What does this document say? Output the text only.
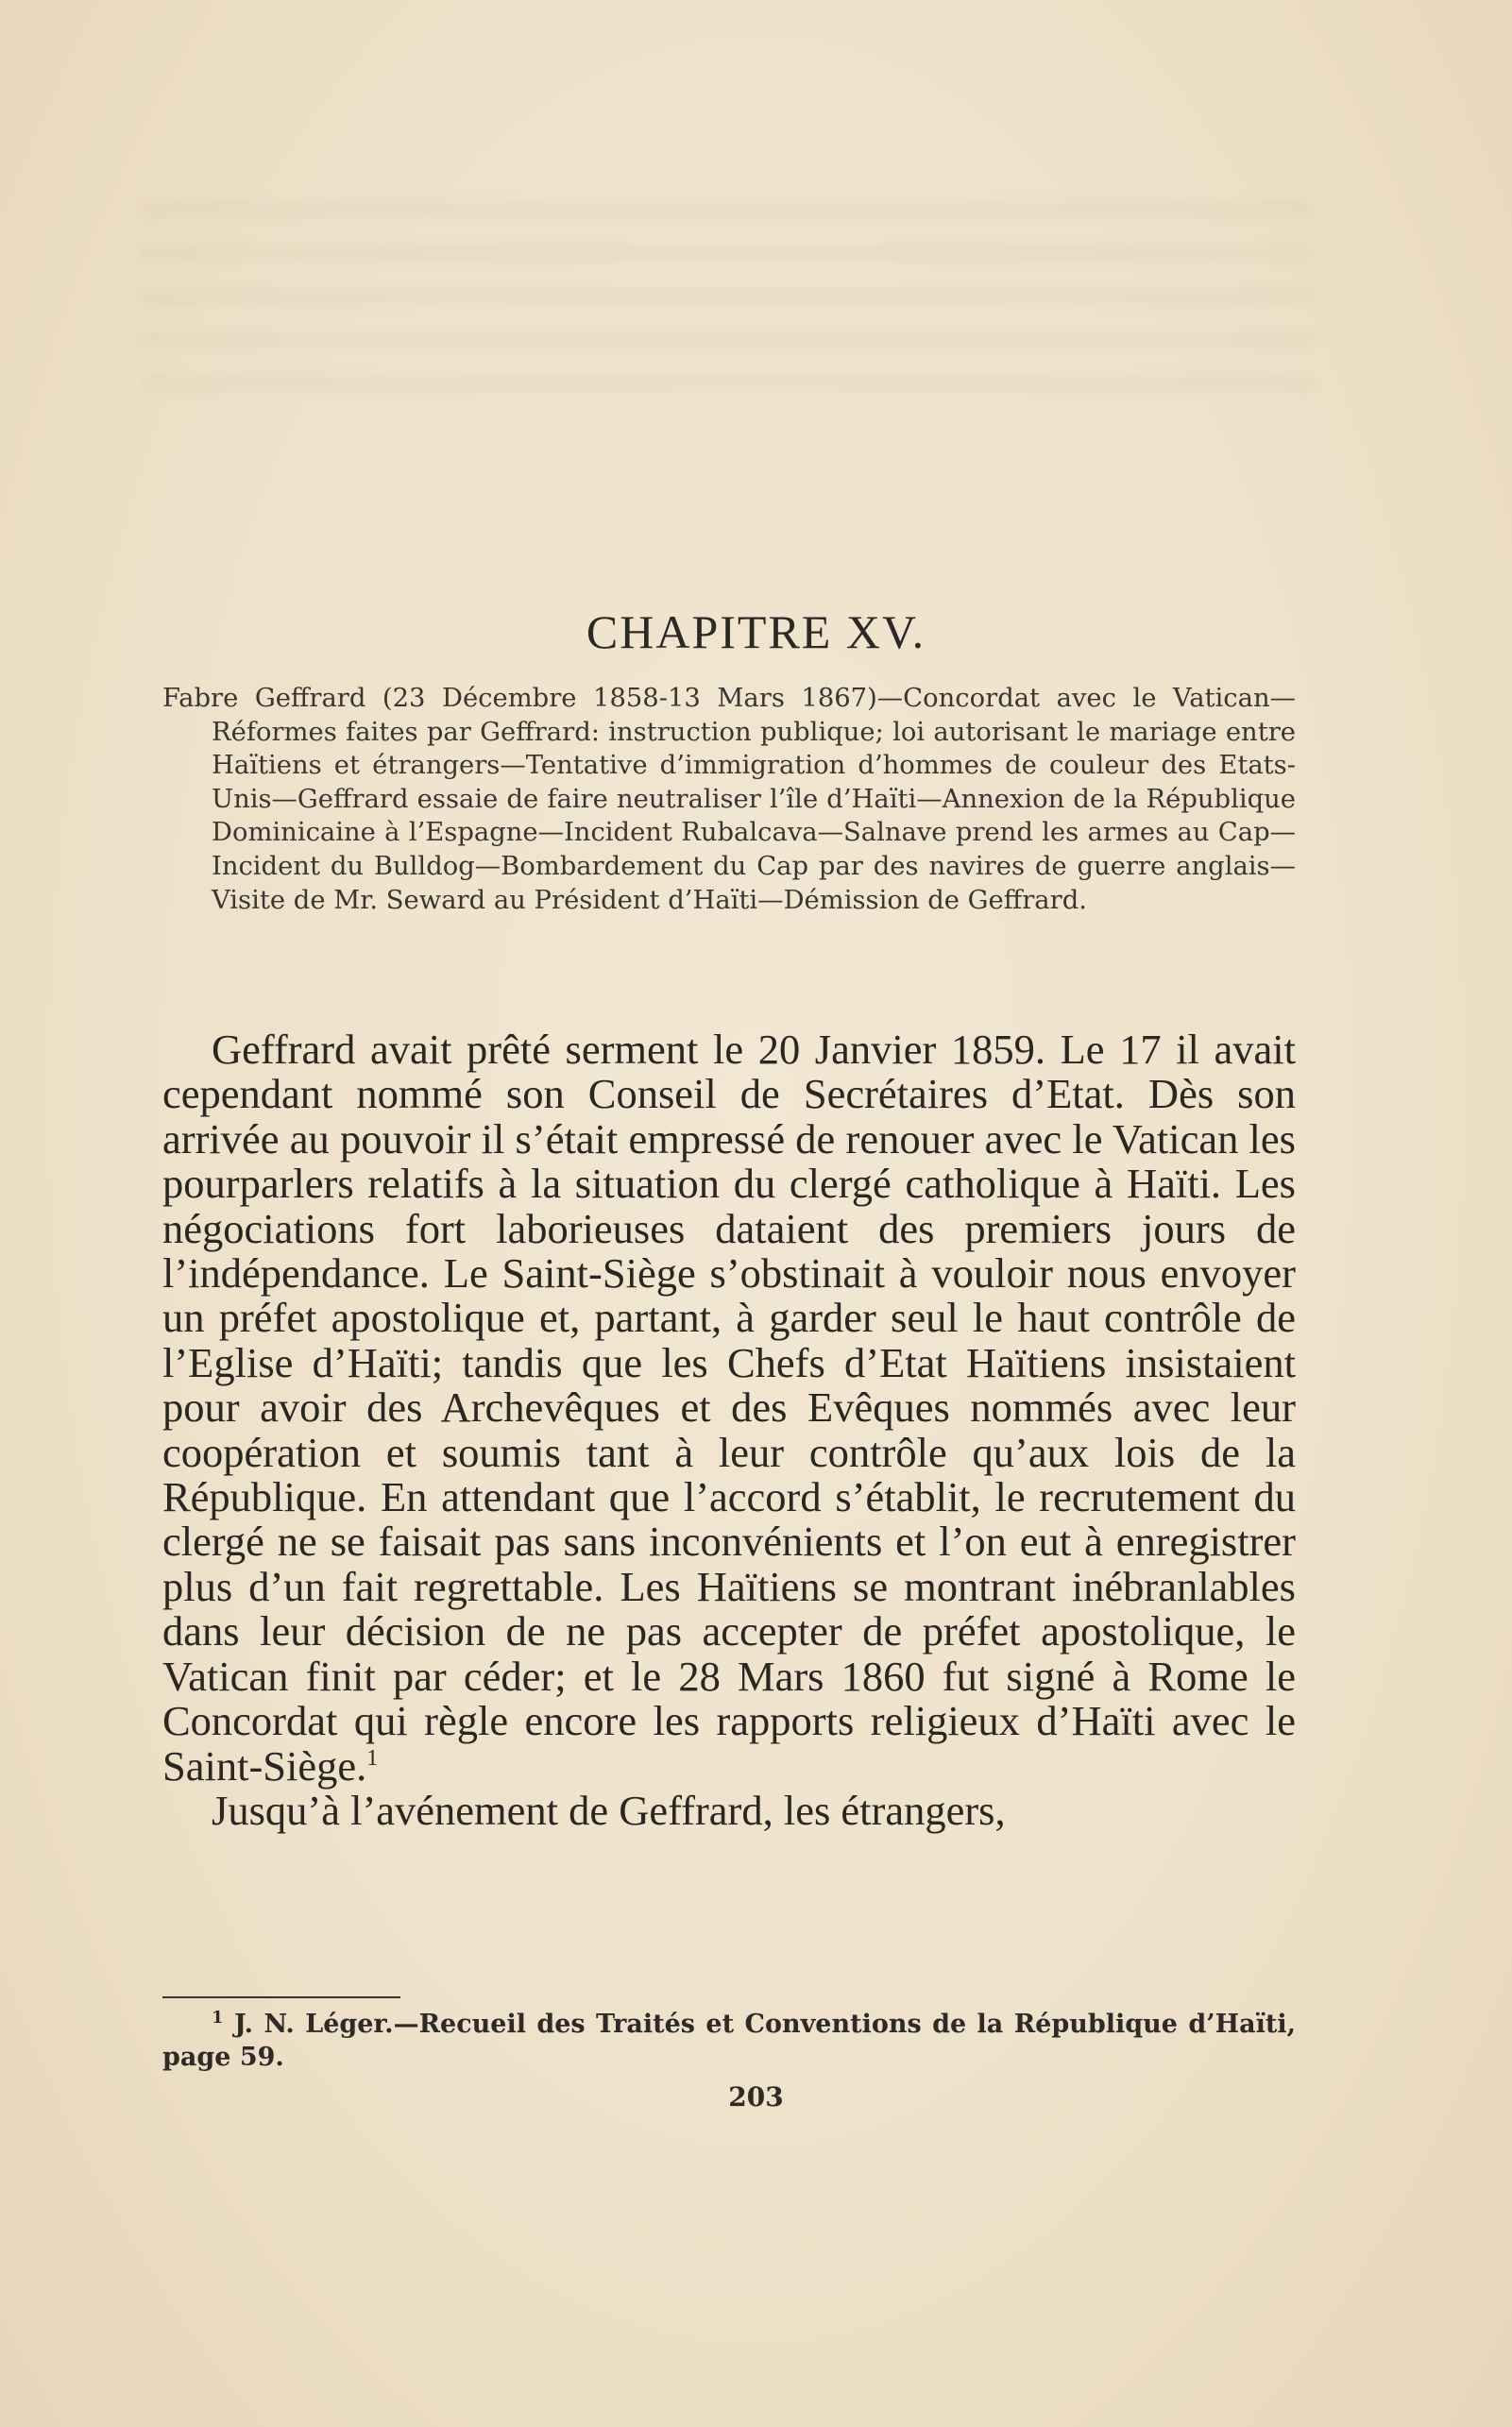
CHAPITRE XV.
Fabre Geffrard (23 Décembre 1858-13 Mars 1867)—Concordat avec le Vatican—Réformes faites par Geffrard: instruction publique; loi autorisant le mariage entre Haïtiens et étrangers—Tentative d’immigration d’hommes de couleur des Etats-Unis—Geffrard essaie de faire neutraliser l’île d’Haïti—Annexion de la République Dominicaine à l’Espagne—Incident Rubalcava—Salnave prend les armes au Cap—Incident du Bulldog—Bombardement du Cap par des navires de guerre anglais—Visite de Mr. Seward au Président d’Haïti—Démission de Geffrard.

Geffrard avait prêté serment le 20 Janvier 1859. Le 17 il avait cependant nommé son Conseil de Secrétaires d’Etat. Dès son arrivée au pouvoir il s’était empressé de renouer avec le Vatican les pourparlers relatifs à la situation du clergé catholique à Haïti. Les négociations fort laborieuses dataient des premiers jours de l’indépendance. Le Saint-Siège s’obstinait à vouloir nous envoyer un préfet apostolique et, partant, à garder seul le haut contrôle de l’Eglise d’Haïti; tandis que les Chefs d’Etat Haïtiens insistaient pour avoir des Archevêques et des Evêques nommés avec leur coopération et soumis tant à leur contrôle qu’aux lois de la République. En attendant que l’accord s’établit, le recrutement du clergé ne se faisait pas sans inconvénients et l’on eut à enregistrer plus d’un fait regrettable. Les Haïtiens se montrant inébranlables dans leur décision de ne pas accepter de préfet apostolique, le Vatican finit par céder; et le 28 Mars 1860 fut signé à Rome le Concordat qui règle encore les rapports religieux d’Haïti avec le Saint-Siège.$^1$

Jusqu’à l’avénement de Geffrard, les étrangers,

$^1$ J. N. Léger.—Recueil des Traités et Conventions de la République d’Haïti, page 59.
203
